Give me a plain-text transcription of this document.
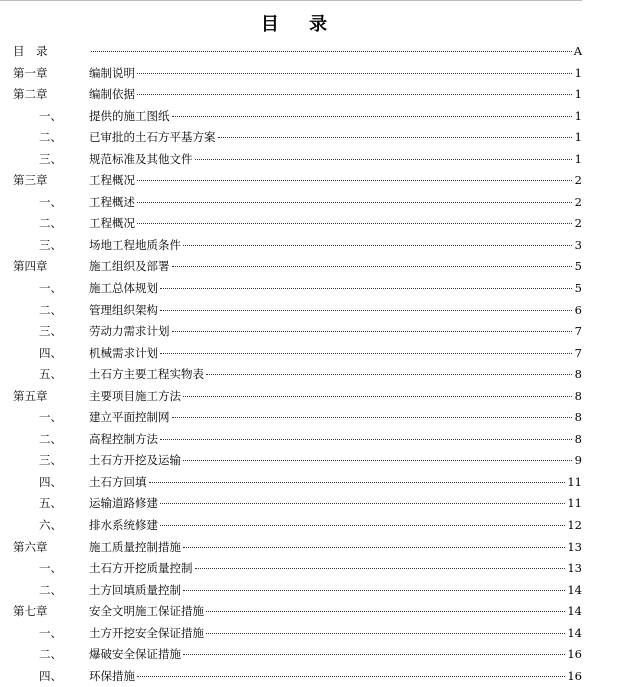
目 录
目　录	A
第一章	编制说明	1
第二章	编制依据	1
一、	提供的施工图纸	1
二、	已审批的土石方平基方案	1
三、	规范标准及其他文件	1
第三章	工程概况	2
一、	工程概述	2
二、	工程概况	2
三、	场地工程地质条件	3
第四章	施工组织及部署	5
一、	施工总体规划	5
二、	管理组织架构	6
三、	劳动力需求计划	7
四、	机械需求计划	7
五、	土石方主要工程实物表	8
第五章	主要项目施工方法	8
一、	建立平面控制网	8
二、	高程控制方法	8
三、	土石方开挖及运输	9
四、	土石方回填	11
五、	运输道路修建	11
六、	排水系统修建	12
第六章	施工质量控制措施	13
一、	土石方开挖质量控制	13
二、	土方回填质量控制	14
第七章	安全文明施工保证措施	14
一、	土方开挖安全保证措施	14
二、	爆破安全保证措施	16
四、	环保措施	16
